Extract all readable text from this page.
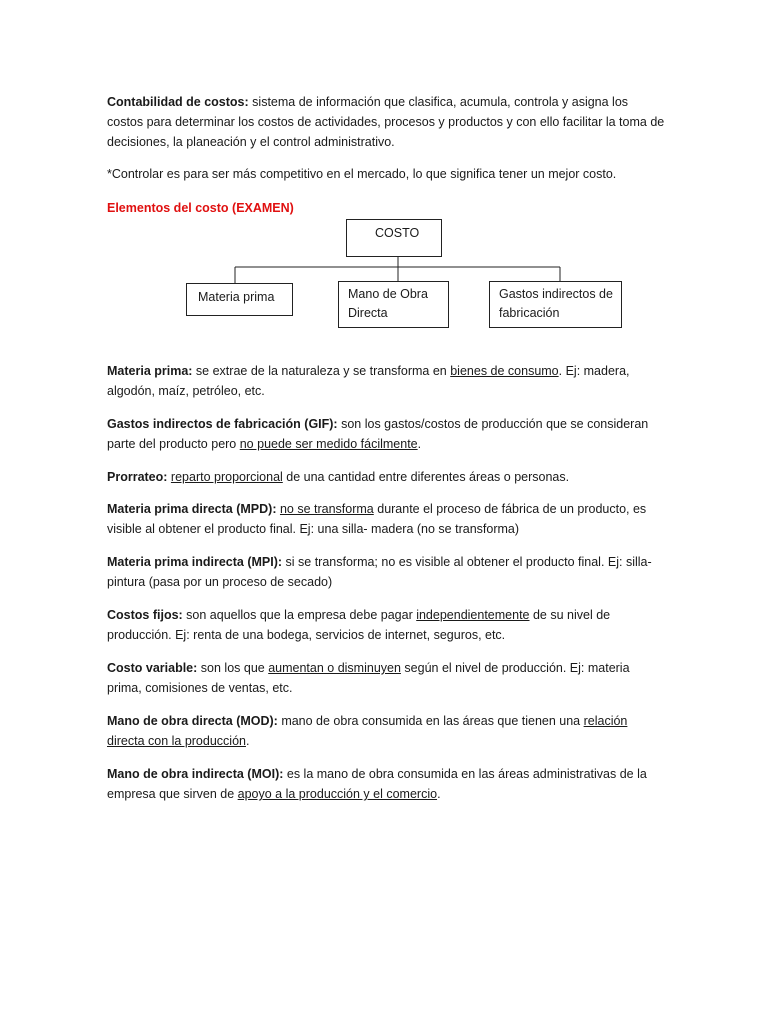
Contabilidad de costos: sistema de información que clasifica, acumula, controla y asigna los costos para determinar los costos de actividades, procesos y productos y con ello facilitar la toma de decisiones, la planeación y el control administrativo.

*Controlar es para ser más competitivo en el mercado, lo que significa tener un mejor costo.

Elementos del costo (EXAMEN)

COSTO
Materia prima	Mano de Obra Directa
Gastos indirectos de fabricación

Materia prima: se extrae de la naturaleza y se transforma en bienes de consumo. Ej: madera, algodón, maíz, petróleo, etc.

Gastos indirectos de fabricación (GIF): son los gastos/costos de producción que se consideran parte del producto pero no puede ser medido fácilmente.

Prorrateo: reparto proporcional de una cantidad entre diferentes áreas o personas.

Materia prima directa (MPD): no se transforma durante el proceso de fábrica de un producto, es visible al obtener el producto final. Ej: una silla- madera (no se transforma)

Materia prima indirecta (MPI): si se transforma; no es visible al obtener el producto final. Ej: silla-pintura (pasa por un proceso de secado)

Costos fijos: son aquellos que la empresa debe pagar independientemente de su nivel de producción. Ej: renta de una bodega, servicios de internet, seguros, etc.

Costo variable: son los que aumentan o disminuyen según el nivel de producción. Ej: materia prima, comisiones de ventas, etc.

Mano de obra directa (MOD): mano de obra consumida en las áreas que tienen una relación directa con la producción.

Mano de obra indirecta (MOI): es la mano de obra consumida en las áreas administrativas de la empresa que sirven de apoyo a la producción y el comercio.
